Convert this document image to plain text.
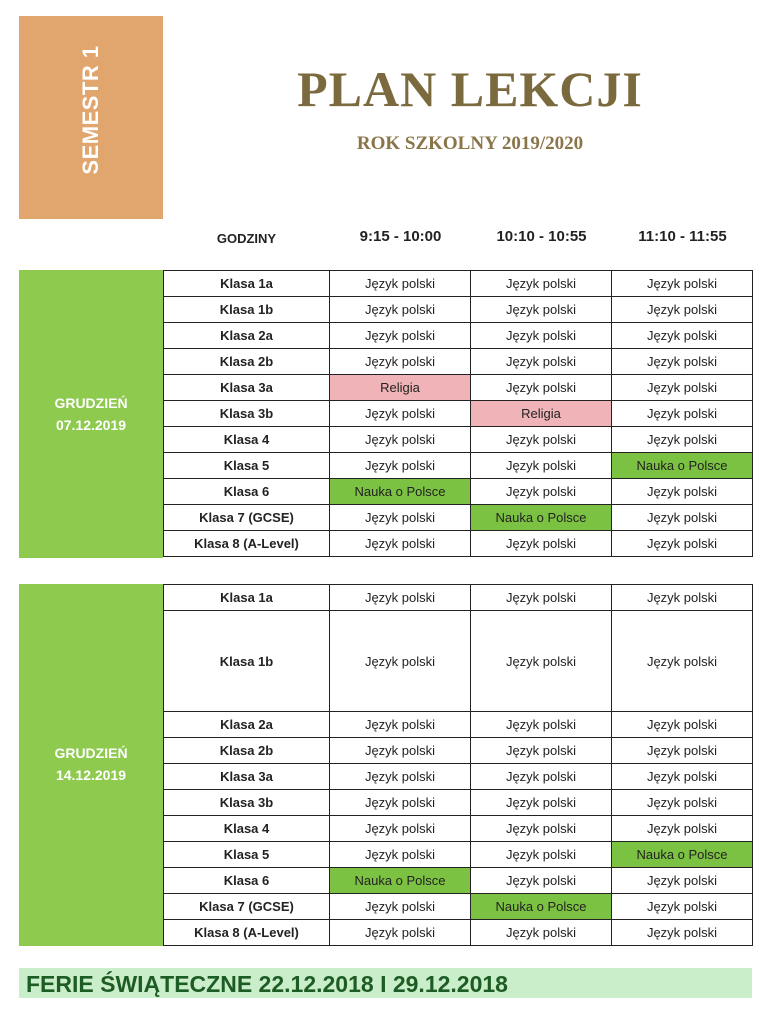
SEMESTR 1	PLAN LEKCJI
ROK SZKOLNY 2019/2020
GODZINY	9:15 - 10:00	10:10 - 10:55	11:10 - 11:55
GRUDZIEŃ
07.12.2019
Klasa 1a	Język polski	Język polski	Język polski
Klasa 1b	Język polski	Język polski	Język polski
Klasa 2a	Język polski	Język polski	Język polski
Klasa 2b	Język polski	Język polski	Język polski
Klasa 3a	Religia	Język polski	Język polski
Klasa 3b	Język polski	Religia	Język polski
Klasa 4	Język polski	Język polski	Język polski
Klasa 5	Język polski	Język polski	Nauka o Polsce
Klasa 6	Nauka o Polsce	Język polski	Język polski
Klasa 7 (GCSE)	Język polski	Nauka o Polsce	Język polski
Klasa 8 (A-Level)	Język polski	Język polski	Język polski
GRUDZIEŃ
14.12.2019
Klasa 1a	Język polski	Język polski	Język polski
Klasa 1b	Język polski	Język polski	Język polski
Klasa 2a	Język polski	Język polski	Język polski
Klasa 2b	Język polski	Język polski	Język polski
Klasa 3a	Język polski	Język polski	Język polski
Klasa 3b	Język polski	Język polski	Język polski
Klasa 4	Język polski	Język polski	Język polski
Klasa 5	Język polski	Język polski	Nauka o Polsce
Klasa 6	Nauka o Polsce	Język polski	Język polski
Klasa 7 (GCSE)	Język polski	Nauka o Polsce	Język polski
Klasa 8 (A-Level)	Język polski	Język polski	Język polski
FERIE ŚWIĄTECZNE 22.12.2018 I 29.12.2018
